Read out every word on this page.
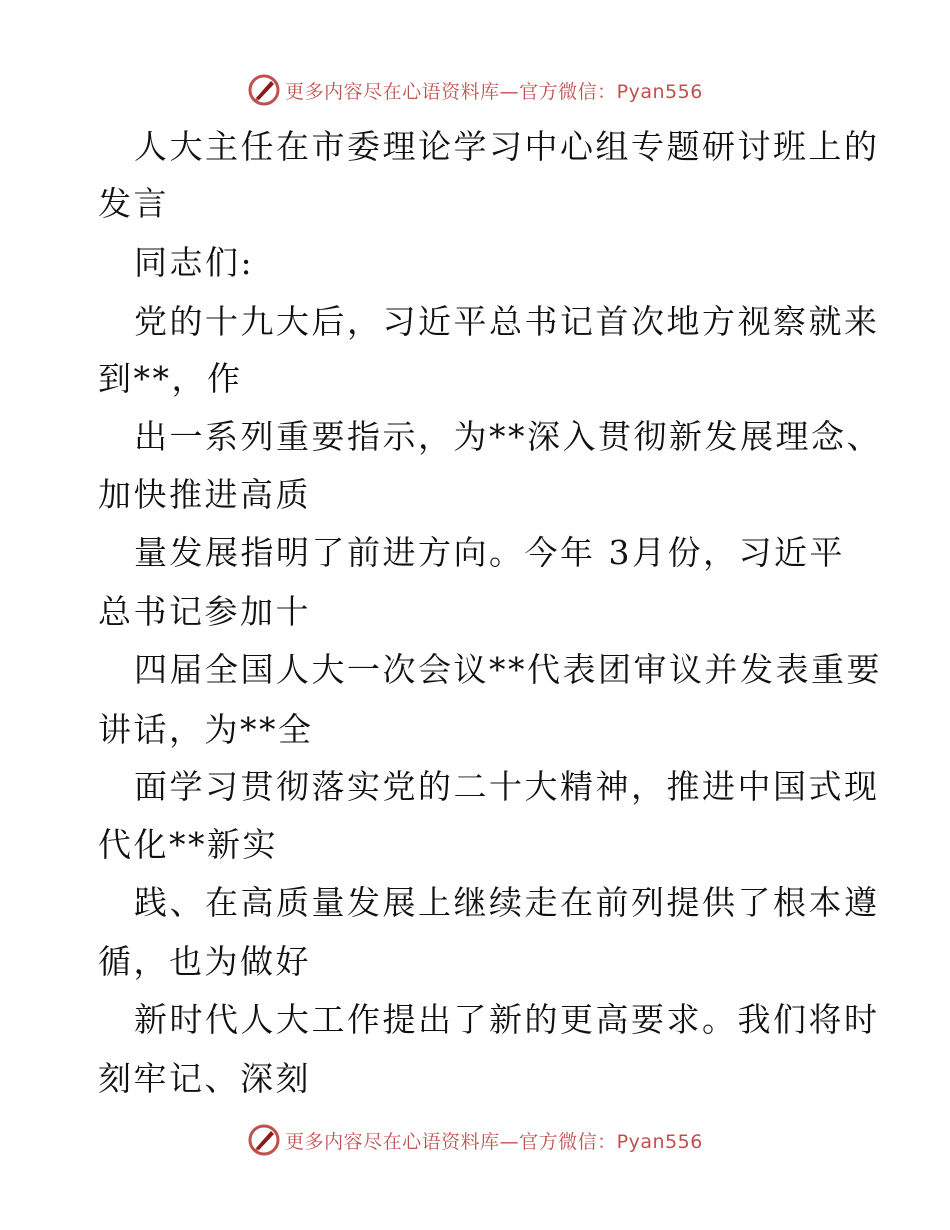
更多内容尽在心语资料库—官方微信：Pyan556
人大主任在市委理论学习中心组专题研讨班上的
发言
同志们:
党的十九大后，习近平总书记首次地方视察就来
到**，作
出一系列重要指示，为**深入贯彻新发展理念、
加快推进高质
量发展指明了前进方向。今年 3月份，习近平
总书记参加十
四届全国人大一次会议**代表团审议并发表重要
讲话，为**全
面学习贯彻落实党的二十大精神，推进中国式现
代化**新实
践、在高质量发展上继续走在前列提供了根本遵
循，也为做好
新时代人大工作提出了新的更高要求。我们将时
刻牢记、深刻
更多内容尽在心语资料库—官方微信：Pyan556
